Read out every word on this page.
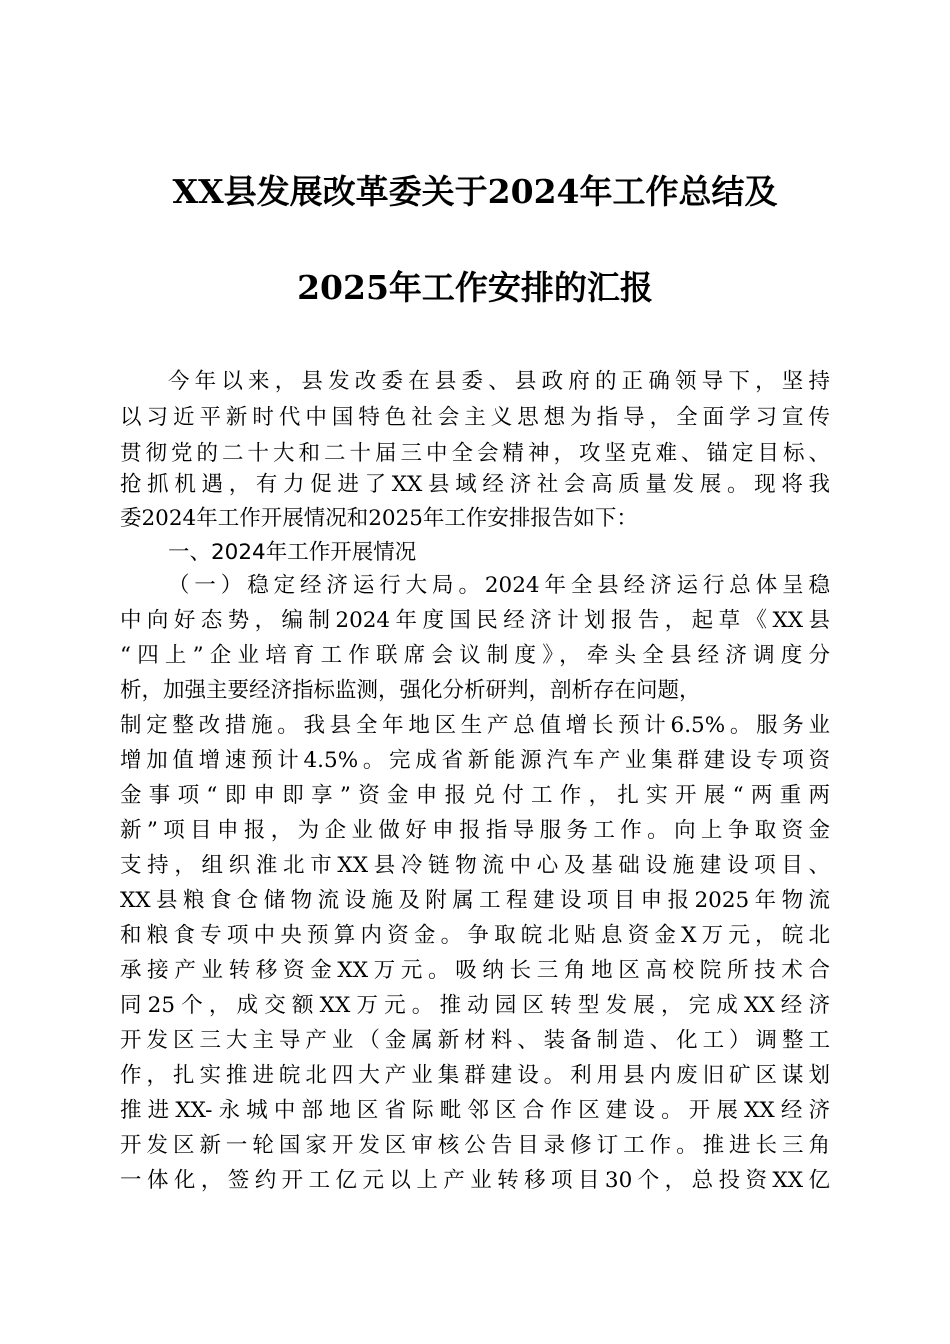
XX县发展改革委关于2024年工作总结及
2025年工作安排的汇报
今年以来，县发改委在县委、县政府的正确领导下，坚持
以习近平新时代中国特色社会主义思想为指导，全面学习宣传
贯彻党的二十大和二十届三中全会精神，攻坚克难、锚定目标、
抢抓机遇，有力促进了XX县域经济社会高质量发展。现将我
委2024年工作开展情况和2025年工作安排报告如下：
一、2024年工作开展情况
（一）稳定经济运行大局。2024年全县经济运行总体呈稳
中向好态势，编制2024年度国民经济计划报告，起草《XX县
“四上”企业培育工作联席会议制度》，牵头全县经济调度分
析，加强主要经济指标监测，强化分析研判，剖析存在问题，
制定整改措施。我县全年地区生产总值增长预计6.5%。服务业
增加值增速预计4.5%。完成省新能源汽车产业集群建设专项资
金事项“即申即享”资金申报兑付工作，扎实开展“两重两
新”项目申报，为企业做好申报指导服务工作。向上争取资金
支持，组织淮北市XX县冷链物流中心及基础设施建设项目、
XX县粮食仓储物流设施及附属工程建设项目申报2025年物流
和粮食专项中央预算内资金。争取皖北贴息资金X万元，皖北
承接产业转移资金XX万元。吸纳长三角地区高校院所技术合
同25个，成交额XX万元。推动园区转型发展，完成XX经济
开发区三大主导产业（金属新材料、装备制造、化工）调整工
作，扎实推进皖北四大产业集群建设。利用县内废旧矿区谋划
推进XX-永城中部地区省际毗邻区合作区建设。开展XX经济
开发区新一轮国家开发区审核公告目录修订工作。推进长三角
一体化，签约开工亿元以上产业转移项目30个，总投资XX亿
